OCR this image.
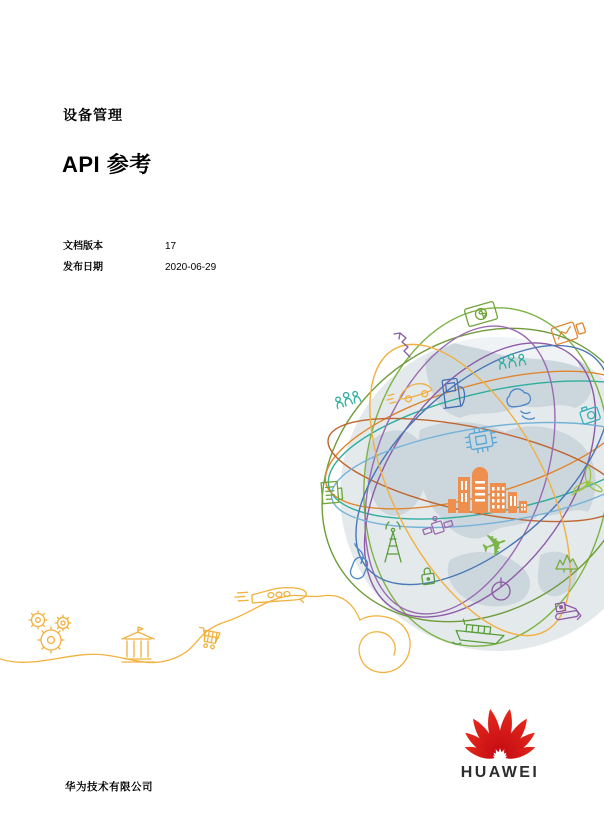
设备管理
API 参考
文档版本	17
发布日期	2020-06-29
✈
HUAWEI
华为技术有限公司
